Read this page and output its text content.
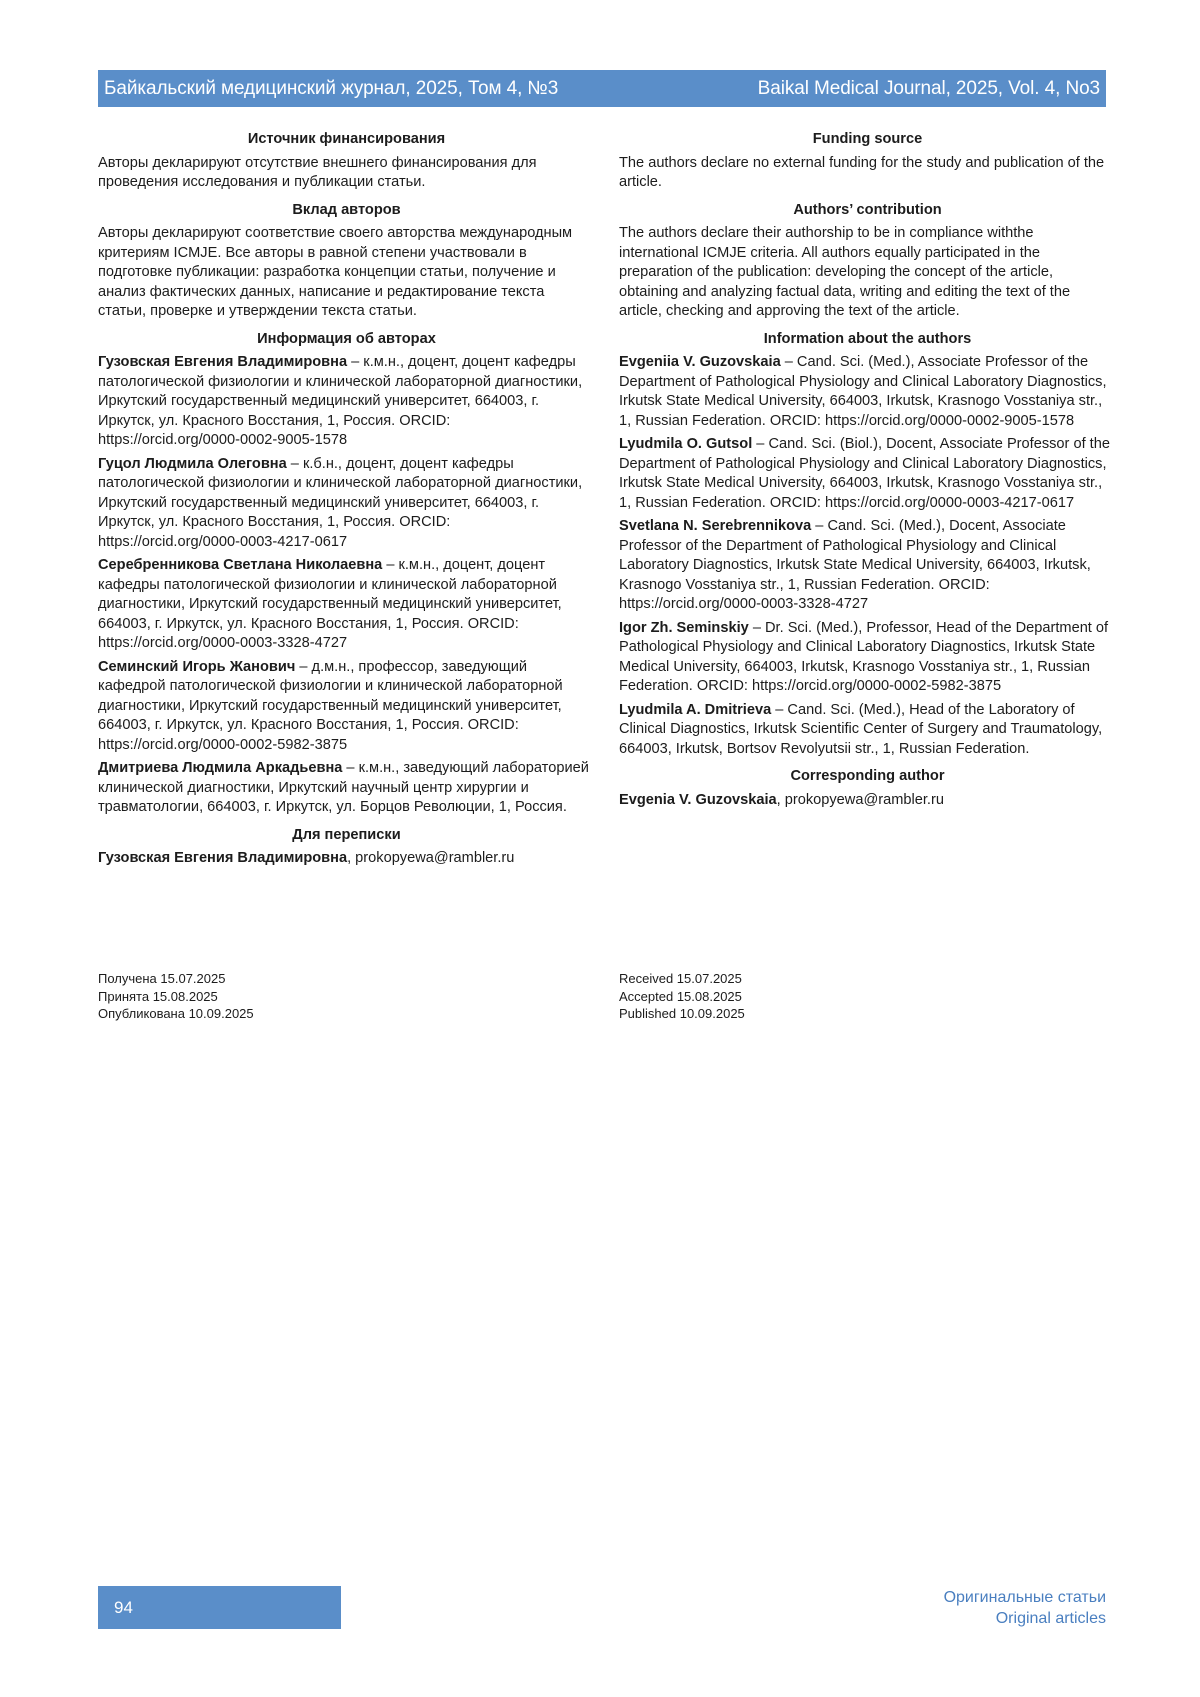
Байкальский медицинский журнал, 2025, Том 4, №3	Baikal Medical Journal, 2025, Vol. 4, No3
Источник финансирования
Авторы декларируют отсутствие внешнего финансирования для проведения исследования и публикации статьи.
Вклад авторов
Авторы декларируют соответствие своего авторства международным критериям ICMJE. Все авторы в равной степени участвовали в подготовке публикации: разработка концепции статьи, получение и анализ фактических данных, написание и редактирование текста статьи, проверке и утверждении текста статьи.
Информация об авторах
Гузовская Евгения Владимировна – к.м.н., доцент, доцент кафедры патологической физиологии и клинической лабораторной диагностики, Иркутский государственный медицинский университет, 664003, г. Иркутск, ул. Красного Восстания, 1, Россия. ORCID: https://orcid.org/0000-0002-9005-1578
Гуцол Людмила Олеговна – к.б.н., доцент, доцент кафедры патологической физиологии и клинической лабораторной диагностики, Иркутский государственный медицинский университет, 664003, г. Иркутск, ул. Красного Восстания, 1, Россия. ORCID: https://orcid.org/0000-0003-4217-0617
Серебренникова Светлана Николаевна – к.м.н., доцент, доцент кафедры патологической физиологии и клинической лабораторной диагностики, Иркутский государственный медицинский университет, 664003, г. Иркутск, ул. Красного Восстания, 1, Россия. ORCID: https://orcid.org/0000-0003-3328-4727
Семинский Игорь Жанович – д.м.н., профессор, заведующий кафедрой патологической физиологии и клинической лабораторной диагностики, Иркутский государственный медицинский университет, 664003, г. Иркутск, ул. Красного Восстания, 1, Россия. ORCID: https://orcid.org/0000-0002-5982-3875
Дмитриева Людмила Аркадьевна – к.м.н., заведующий лабораторией клинической диагностики, Иркутский научный центр хирургии и травматологии, 664003, г. Иркутск, ул. Борцов Революции, 1, Россия.
Для переписки
Гузовская Евгения Владимировна, prokopyewa@rambler.ru
Funding source
The authors declare no external funding for the study and publication of the article.
Authors’ contribution
The authors declare their authorship to be in compliance withthe international ICMJE criteria. All authors equally participated in the preparation of the publication: developing the concept of the article, obtaining and analyzing factual data, writing and editing the text of the article, checking and approving the text of the article.
Information about the authors
Evgeniia V. Guzovskaia – Cand. Sci. (Med.), Associate Professor of the Department of Pathological Physiology and Clinical Laboratory Diagnostics, Irkutsk State Medical University, 664003, Irkutsk, Krasnogo Vosstaniya str., 1, Russian Federation. ORCID: https://orcid.org/0000-0002-9005-1578
Lyudmila O. Gutsol – Cand. Sci. (Biol.), Docent, Associate Professor of the Department of Pathological Physiology and Clinical Laboratory Diagnostics, Irkutsk State Medical University, 664003, Irkutsk, Krasnogo Vosstaniya str., 1, Russian Federation. ORCID: https://orcid.org/0000-0003-4217-0617
Svetlana N. Serebrennikova – Cand. Sci. (Med.), Docent, Associate Professor of the Department of Pathological Physiology and Clinical Laboratory Diagnostics, Irkutsk State Medical University, 664003, Irkutsk, Krasnogo Vosstaniya str., 1, Russian Federation. ORCID: https://orcid.org/0000-0003-3328-4727
Igor Zh. Seminskiy – Dr. Sci. (Med.), Professor, Head of the Department of Pathological Physiology and Clinical Laboratory Diagnostics, Irkutsk State Medical University, 664003, Irkutsk, Krasnogo Vosstaniya str., 1, Russian Federation. ORCID: https://orcid.org/0000-0002-5982-3875
Lyudmila A. Dmitrieva – Cand. Sci. (Med.), Head of the Laboratory of Clinical Diagnostics, Irkutsk Scientific Center of Surgery and Traumatology, 664003, Irkutsk, Bortsov Revolyutsii str., 1, Russian Federation.
Corresponding author
Evgenia V. Guzovskaia, prokopyewa@rambler.ru
Получена 15.07.2025
Принята 15.08.2025
Опубликована 10.09.2025
Received 15.07.2025
Accepted 15.08.2025
Published 10.09.2025
94	Оригинальные статьи
Original articles
